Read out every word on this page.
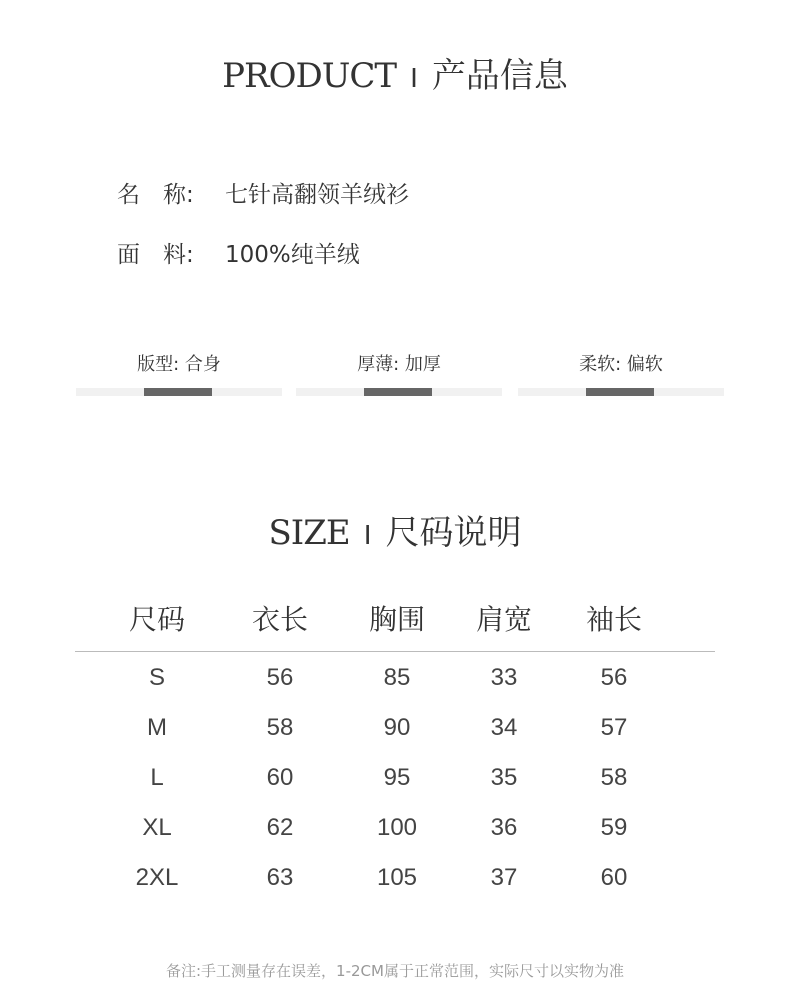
PRODUCT I 产品信息
名　称: 七针高翻领羊绒衫
面　料: 100%纯羊绒
版型: 合身	厚薄: 加厚	柔软: 偏软
SIZE I 尺码说明
尺码	衣长	胸围	肩宽	袖长
S	56	85	33	56
M	58	90	34	57
L	60	95	35	58
XL	62	100	36	59
2XL	63	105	37	60
备注:手工测量存在误差，1-2CM属于正常范围，实际尺寸以实物为准
